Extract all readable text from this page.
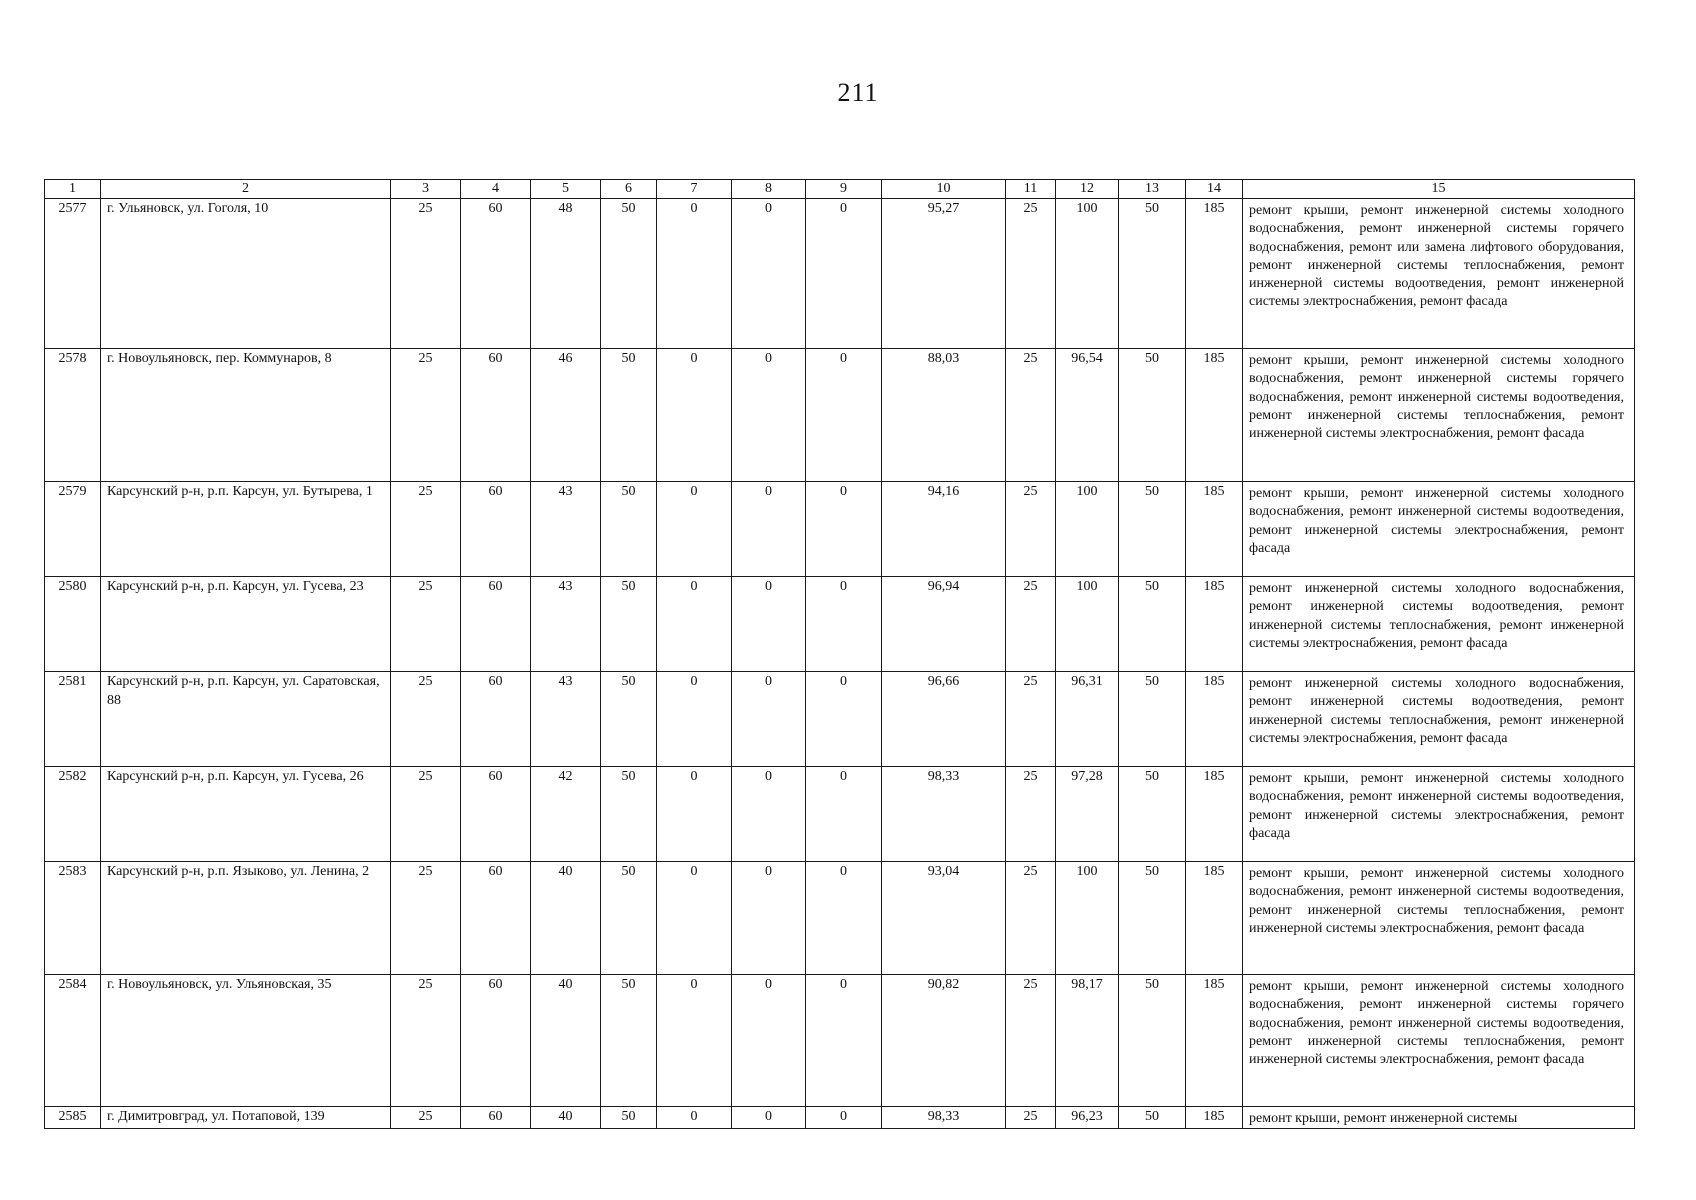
211
1	2	3	4	5	6	7	8	9	10	11	12	13	14	15
2577	г. Ульяновск, ул. Гоголя, 10	25	60	48	50	0	0	0	95,27	25	100	50	185	ремонт крыши, ремонт инженерной системы холодного водоснабжения, ремонт инженерной системы горячего водоснабжения, ремонт или замена лифтового оборудования, ремонт инженерной системы теплоснабжения, ремонт инженерной системы водоотведения, ремонт инженерной системы электроснабжения, ремонт фасада
2578	г. Новоульяновск, пер. Коммунаров, 8	25	60	46	50	0	0	0	88,03	25	96,54	50	185	ремонт крыши, ремонт инженерной системы холодного водоснабжения, ремонт инженерной системы горячего водоснабжения, ремонт инженерной системы водоотведения, ремонт инженерной системы теплоснабжения, ремонт инженерной системы электроснабжения, ремонт фасада
2579	Карсунский р-н, р.п. Карсун, ул. Бутырева, 1	25	60	43	50	0	0	0	94,16	25	100	50	185	ремонт крыши, ремонт инженерной системы холодного водоснабжения, ремонт инженерной системы водоотведения, ремонт инженерной системы электроснабжения, ремонт фасада
2580	Карсунский р-н, р.п. Карсун, ул. Гусева, 23	25	60	43	50	0	0	0	96,94	25	100	50	185	ремонт инженерной системы холодного водоснабжения, ремонт инженерной системы водоотведения, ремонт инженерной системы теплоснабжения, ремонт инженерной системы электроснабжения, ремонт фасада
2581	Карсунский р-н, р.п. Карсун, ул. Саратовская, 88	25	60	43	50	0	0	0	96,66	25	96,31	50	185	ремонт инженерной системы холодного водоснабжения, ремонт инженерной системы водоотведения, ремонт инженерной системы теплоснабжения, ремонт инженерной системы электроснабжения, ремонт фасада
2582	Карсунский р-н, р.п. Карсун, ул. Гусева, 26	25	60	42	50	0	0	0	98,33	25	97,28	50	185	ремонт крыши, ремонт инженерной системы холодного водоснабжения, ремонт инженерной системы водоотведения, ремонт инженерной системы электроснабжения, ремонт фасада
2583	Карсунский р-н, р.п. Языково, ул. Ленина, 2	25	60	40	50	0	0	0	93,04	25	100	50	185	ремонт крыши, ремонт инженерной системы холодного водоснабжения, ремонт инженерной системы водоотведения, ремонт инженерной системы теплоснабжения, ремонт инженерной системы электроснабжения, ремонт фасада
2584	г. Новоульяновск, ул. Ульяновская, 35	25	60	40	50	0	0	0	90,82	25	98,17	50	185	ремонт крыши, ремонт инженерной системы холодного водоснабжения, ремонт инженерной системы горячего водоснабжения, ремонт инженерной системы водоотведения, ремонт инженерной системы теплоснабжения, ремонт инженерной системы электроснабжения, ремонт фасада
2585	г. Димитровград, ул. Потаповой, 139	25	60	40	50	0	0	0	98,33	25	96,23	50	185	ремонт крыши, ремонт инженерной системы
